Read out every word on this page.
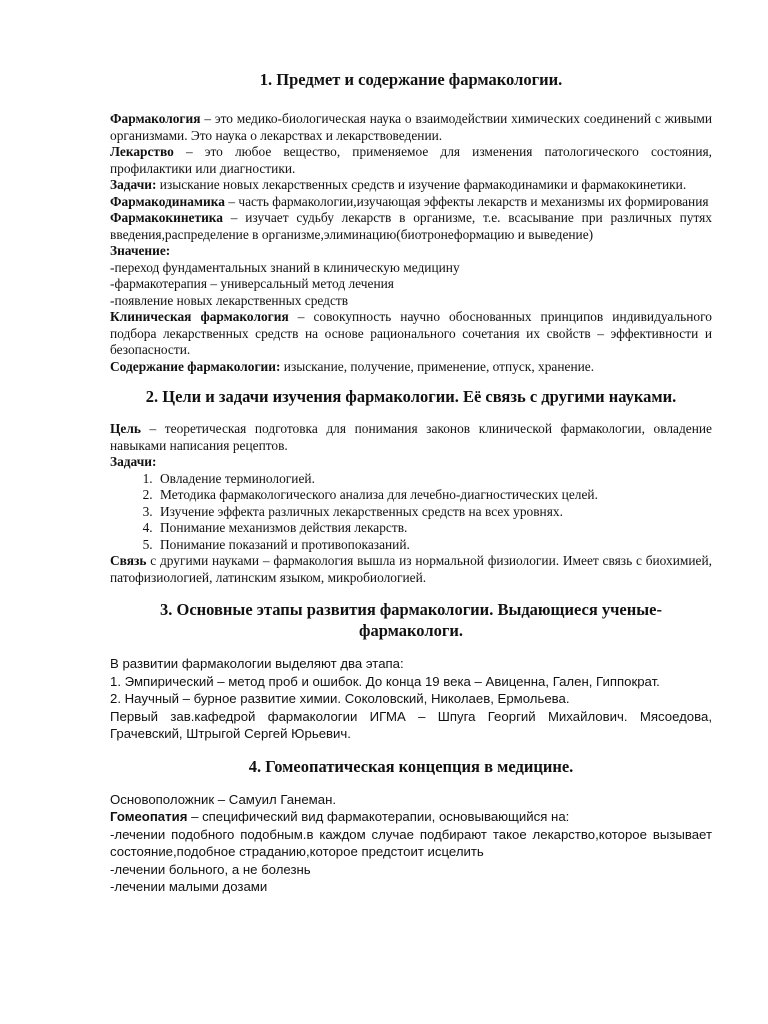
1. Предмет и содержание фармакологии.

Фармакология – это медико-биологическая наука о взаимодействии химических соединений с живыми организмами. Это наука о лекарствах и лекарствоведении.

Лекарство – это любое вещество, применяемое для изменения патологического состояния, профилактики или диагностики.

Задачи: изыскание новых лекарственных средств и изучение фармакодинамики и фармакокинетики.

Фармакодинамика – часть фармакологии,изучающая эффекты лекарств и механизмы их формирования

Фармакокинетика – изучает судьбу лекарств в организме, т.е. всасывание при различных путях введения,распределение в организме,элиминацию(биотронеформацию и выведение)

Значение:

-переход фундаментальных знаний в клиническую медицину

-фармакотерапия – универсальный метод лечения

-появление новых лекарственных средств

Клиническая фармакология – совокупность научно обоснованных принципов индивидуального подбора лекарственных средств на основе рационального сочетания их свойств – эффективности и безопасности.

Содержание фармакологии: изыскание, получение, применение, отпуск, хранение.

2. Цели и задачи изучения фармакологии. Её связь с другими науками.

Цель – теоретическая подготовка для понимания законов клинической фармакологии, овладение навыками написания рецептов.

Задачи:

1. Овладение терминологией.
2. Методика фармакологического анализа для лечебно-диагностических целей.
3. Изучение эффекта различных лекарственных средств на всех уровнях.
4. Понимание механизмов действия лекарств.
5. Понимание показаний и противопоказаний.

Связь с другими науками – фармакология вышла из нормальной физиологии. Имеет связь с биохимией, патофизиологией, латинским языком, микробиологией.

3. Основные этапы развития фармакологии. Выдающиеся ученые-фармакологи.

В развитии фармакологии выделяют два этапа:

1. Эмпирический – метод проб и ошибок. До конца 19 века – Авиценна, Гален, Гиппократ.

2. Научный – бурное развитие химии. Соколовский, Николаев, Ермольева.

Первый зав.кафедрой фармакологии ИГМА – Шпуга Георгий Михайлович. Мясоедова, Грачевский, Штрыгой Сергей Юрьевич.

4. Гомеопатическая концепция в медицине.

Основоположник – Самуил Ганеман.

Гомеопатия – специфический вид фармакотерапии, основывающийся на:

-лечении подобного подобным.в каждом случае подбирают такое лекарство,которое вызывает состояние,подобное страданию,которое предстоит исцелить

-лечении больного, а не болезнь

-лечении малыми дозами
